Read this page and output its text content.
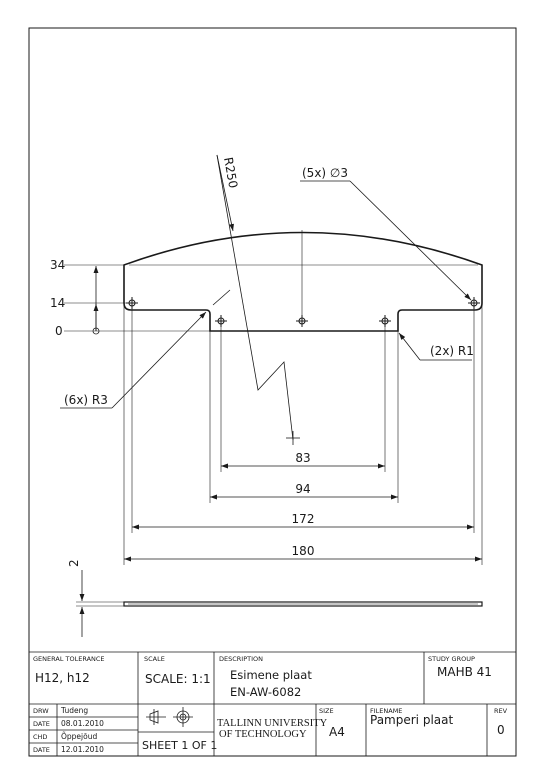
34
14
0
R250	(5x) ∅3
(2x) R1
(6x) R3
83
94
172
180
2
GENERAL TOLERANCE
H12, h12
SCALE
SCALE: 1:1
DESCRIPTION
Esimene plaat
EN-AW-6082
STUDY GROUP
MAHB 41
DRW Tudeng
DATE 08.01.2010
CHD Õppejõud
DATE 12.01.2010	SHEET 1 OF 1
TALLINN UNIVERSITY
OF TECHNOLOGY
SIZE
A4
FILENAME
Pamperi plaat
REV
0
